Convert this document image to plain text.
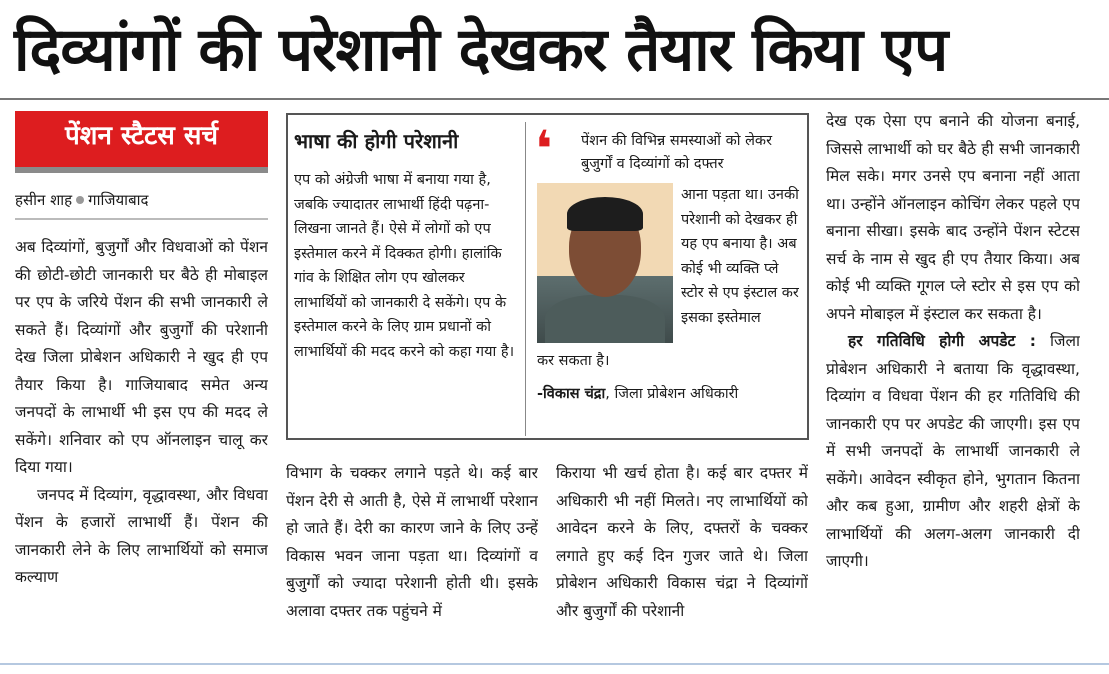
दिव्यांगों की परेशानी देखकर तैयार किया एप
पेंशन स्टैटस सर्च
हसीन शाह गाजियाबाद

अब दिव्यांगों, बुजुर्गों और विधवाओं को पेंशन की छोटी-छोटी जानकारी घर बैठे ही मोबाइल पर एप के जरिये पेंशन की सभी जानकारी ले सकते हैं। दिव्यांगों और बुजुर्गों की परेशानी देख जिला प्रोबेशन अधिकारी ने खुद ही एप तैयार किया है। गाजियाबाद समेत अन्य जनपदों के लाभार्थी भी इस एप की मदद ले सकेंगे। शनिवार को एप ऑनलाइन चालू कर दिया गया।

जनपद में दिव्यांग, वृद्धावस्था, और विधवा पेंशन के हजारों लाभार्थी हैं। पेंशन की जानकारी लेने के लिए लाभार्थियों को समाज कल्याण

भाषा की होगी परेशानी
एप को अंग्रेजी भाषा में बनाया गया है, जबकि ज्यादातर लाभार्थी हिंदी पढ़ना-लिखना जानते हैं। ऐसे में लोगों को एप इस्तेमाल करने में दिक्कत होगी। हालांकि गांव के शिक्षित लोग एप खोलकर लाभार्थियों को जानकारी दे सकेंगे। एप के इस्तेमाल करने के लिए ग्राम प्रधानों को लाभार्थियों की मदद करने को कहा गया है।
❛ पेंशन की विभिन्न समस्याओं को लेकर बुजुर्गों व दिव्यांगों को दफ्तर
आना पड़ता था। उनकी परेशानी को देखकर ही यह एप बनाया है। अब कोई भी व्यक्ति प्ले स्टोर से एप इंस्टाल कर इसका इस्तेमाल
कर सकता है।
-विकास चंद्रा, जिला प्रोबेशन अधिकारी

विभाग के चक्कर लगाने पड़ते थे। कई बार पेंशन देरी से आती है, ऐसे में लाभार्थी परेशान हो जाते हैं। देरी का कारण जाने के लिए उन्हें विकास भवन जाना पड़ता था। दिव्यांगों व बुजुर्गों को ज्यादा परेशानी होती थी। इसके अलावा दफ्तर तक पहुंचने में

किराया भी खर्च होता है। कई बार दफ्तर में अधिकारी भी नहीं मिलते। नए लाभार्थियों को आवेदन करने के लिए, दफ्तरों के चक्कर लगाते हुए कई दिन गुजर जाते थे। जिला प्रोबेशन अधिकारी विकास चंद्रा ने दिव्यांगों और बुजुर्गों की परेशानी

देख एक ऐसा एप बनाने की योजना बनाई, जिससे लाभार्थी को घर बैठे ही सभी जानकारी मिल सके। मगर उनसे एप बनाना नहीं आता था। उन्होंने ऑनलाइन कोचिंग लेकर पहले एप बनाना सीखा। इसके बाद उन्होंने पेंशन स्टेटस सर्च के नाम से खुद ही एप तैयार किया। अब कोई भी व्यक्ति गूगल प्ले स्टोर से इस एप को अपने मोबाइल में इंस्टाल कर सकता है।

हर गतिविधि होगी अपडेट : जिला प्रोबेशन अधिकारी ने बताया कि वृद्धावस्था, दिव्यांग व विधवा पेंशन की हर गतिविधि की जानकारी एप पर अपडेट की जाएगी। इस एप में सभी जनपदों के लाभार्थी जानकारी ले सकेंगे। आवेदन स्वीकृत होने, भुगतान कितना और कब हुआ, ग्रामीण और शहरी क्षेत्रों के लाभार्थियों की अलग-अलग जानकारी दी जाएगी।
